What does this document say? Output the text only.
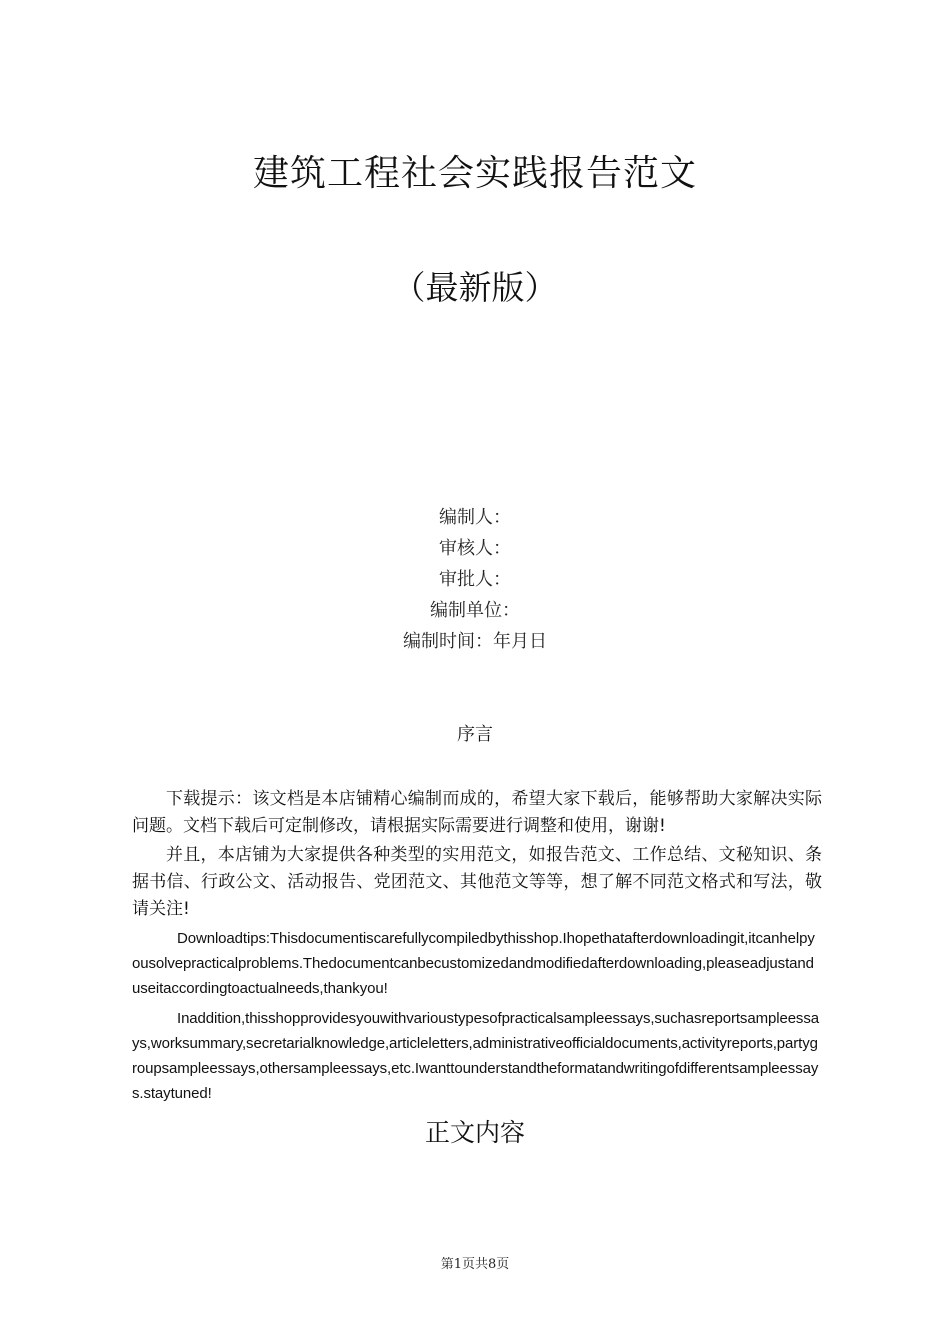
建筑工程社会实践报告范文
（最新版）
编制人：
审核人：
审批人：
编制单位：
编制时间：年月日
序言

下载提示：该文档是本店铺精心编制而成的，希望大家下载后，能够帮助大家解决实际问题。文档下载后可定制修改，请根据实际需要进行调整和使用，谢谢!

并且，本店铺为大家提供各种类型的实用范文，如报告范文、工作总结、文秘知识、条据书信、行政公文、活动报告、党团范文、其他范文等等，想了解不同范文格式和写法，敬请关注!

Downloadtips:Thisdocumentiscarefullycompiledbythisshop.Ihopethatafterdownloadingit,itcanhelpyousolvepracticalproblems.Thedocumentcanbecustomizedandmodifiedafterdownloading,pleaseadjustanduseitaccordingtoactualneeds,thankyou!

Inaddition,thisshopprovidesyouwithvarioustypesofpracticalsampleessays,suchasreportsampleessays,worksummary,secretarialknowledge,articleletters,administrativeofficialdocuments,activityreports,partygroupsampleessays,othersampleessays,etc.Iwanttounderstandtheformatandwritingofdifferentsampleessays.staytuned!

正文内容
第1页共8页
